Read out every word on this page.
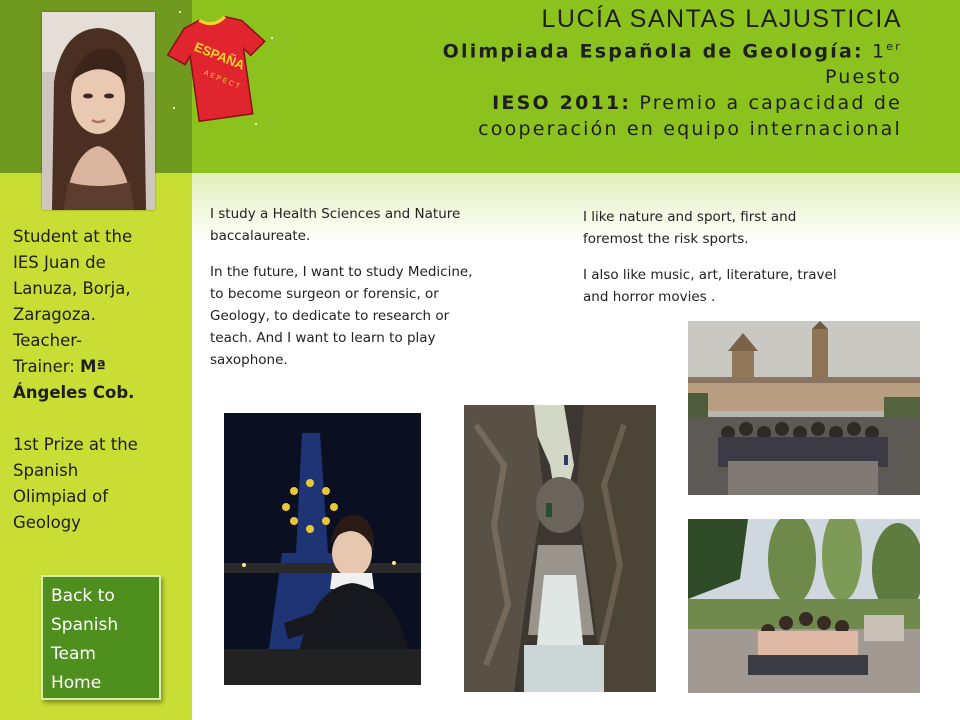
ESPAÑA
AEPECT
LUCÍA SANTAS LAJUSTICIA
Olimpiada Española de Geología: 1er
Puesto
IESO 2011: Premio a capacidad de
cooperación en equipo internacional

Student at the

IES Juan de

Lanuza, Borja,

Zaragoza.

Teacher-

Trainer: Mª

Ángeles Cob.

1st Prize at the

Spanish

Olimpiad of

Geology

Back to
Spanish
Team
Home

I study a Health Sciences and Nature

baccalaureate.

In the future, I want to study Medicine,

to become surgeon or forensic, or

Geology, to dedicate to research or

teach. And I want to learn to play

saxophone.

I like nature and sport, first and

foremost the risk sports.

I also like music, art, literature, travel

and horror movies .
